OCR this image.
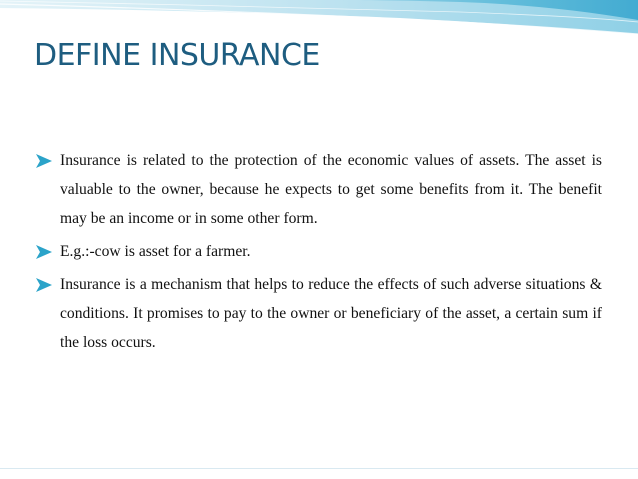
DEFINE INSURANCE
Insurance is related to the protection of the economic values of assets. The asset is valuable to the owner, because he expects to get some benefits from it. The benefit may be an income or in some other form.
E.g.:-cow is asset for a farmer.
Insurance is a mechanism that helps to reduce the effects of such adverse situations & conditions. It promises to pay to the owner or beneficiary of the asset, a certain sum if the loss occurs.
